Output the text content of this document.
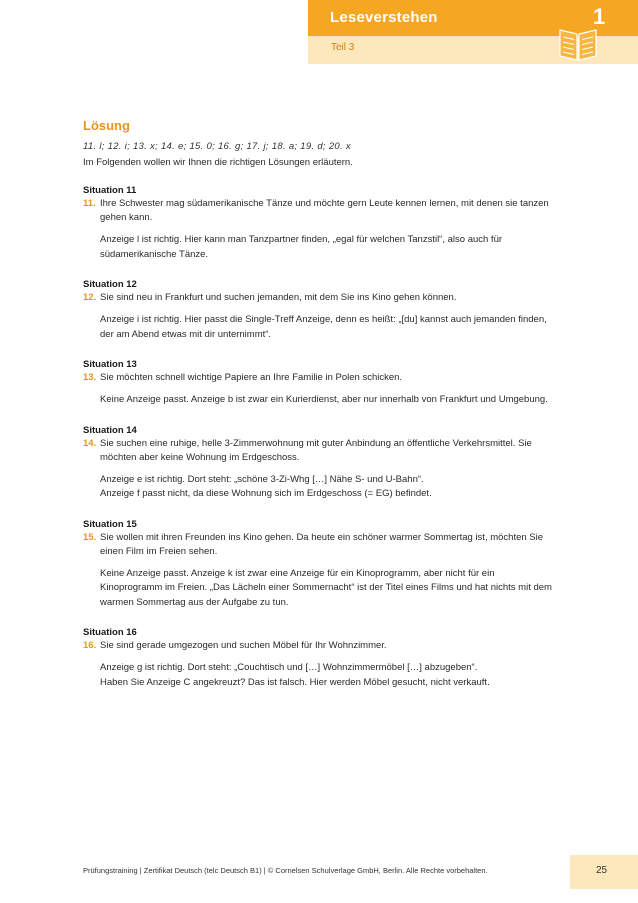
Leseverstehen
Teil 3
1
Lösung

11. l; 12. i; 13. x; 14. e; 15. 0; 16. g; 17. j; 18. a; 19. d; 20. x

Im Folgenden wollen wir Ihnen die richtigen Lösungen erläutern.

Situation 11

11. Ihre Schwester mag südamerikanische Tänze und möchte gern Leute kennen lernen, mit denen sie tanzen gehen kann.

Anzeige l ist richtig. Hier kann man Tanzpartner finden, „egal für welchen Tanzstil“, also auch für südamerikanische Tänze.

Situation 12

12. Sie sind neu in Frankfurt und suchen jemanden, mit dem Sie ins Kino gehen können.

Anzeige i ist richtig. Hier passt die Single-Treff Anzeige, denn es heißt: „[du] kannst auch jemanden finden, der am Abend etwas mit dir unternimmt“.

Situation 13

13. Sie möchten schnell wichtige Papiere an Ihre Familie in Polen schicken.

Keine Anzeige passt. Anzeige b ist zwar ein Kurierdienst, aber nur innerhalb von Frankfurt und Umgebung.

Situation 14

14. Sie suchen eine ruhige, helle 3-Zimmerwohnung mit guter Anbindung an öffentliche Verkehrsmittel. Sie möchten aber keine Wohnung im Erdgeschoss.

Anzeige e ist richtig. Dort steht: „schöne 3-Zi-Whg […] Nähe S- und U-Bahn“.

Anzeige f passt nicht, da diese Wohnung sich im Erdgeschoss (= EG) befindet.

Situation 15

15. Sie wollen mit ihren Freunden ins Kino gehen. Da heute ein schöner warmer Sommertag ist, möchten Sie einen Film im Freien sehen.

Keine Anzeige passt. Anzeige k ist zwar eine Anzeige für ein Kinoprogramm, aber nicht für ein Kinoprogramm im Freien. „Das Lächeln einer Sommernacht“ ist der Titel eines Films und hat nichts mit dem warmen Sommertag aus der Aufgabe zu tun.

Situation 16

16. Sie sind gerade umgezogen und suchen Möbel für Ihr Wohnzimmer.

Anzeige g ist richtig. Dort steht: „Couchtisch und […] Wohnzimmermöbel […] abzugeben“.

Haben Sie Anzeige C angekreuzt? Das ist falsch. Hier werden Möbel gesucht, nicht verkauft.

Prüfungstraining | Zertifikat Deutsch (telc Deutsch B1) | © Cornelsen Schulverlage GmbH, Berlin. Alle Rechte vorbehalten.	25
